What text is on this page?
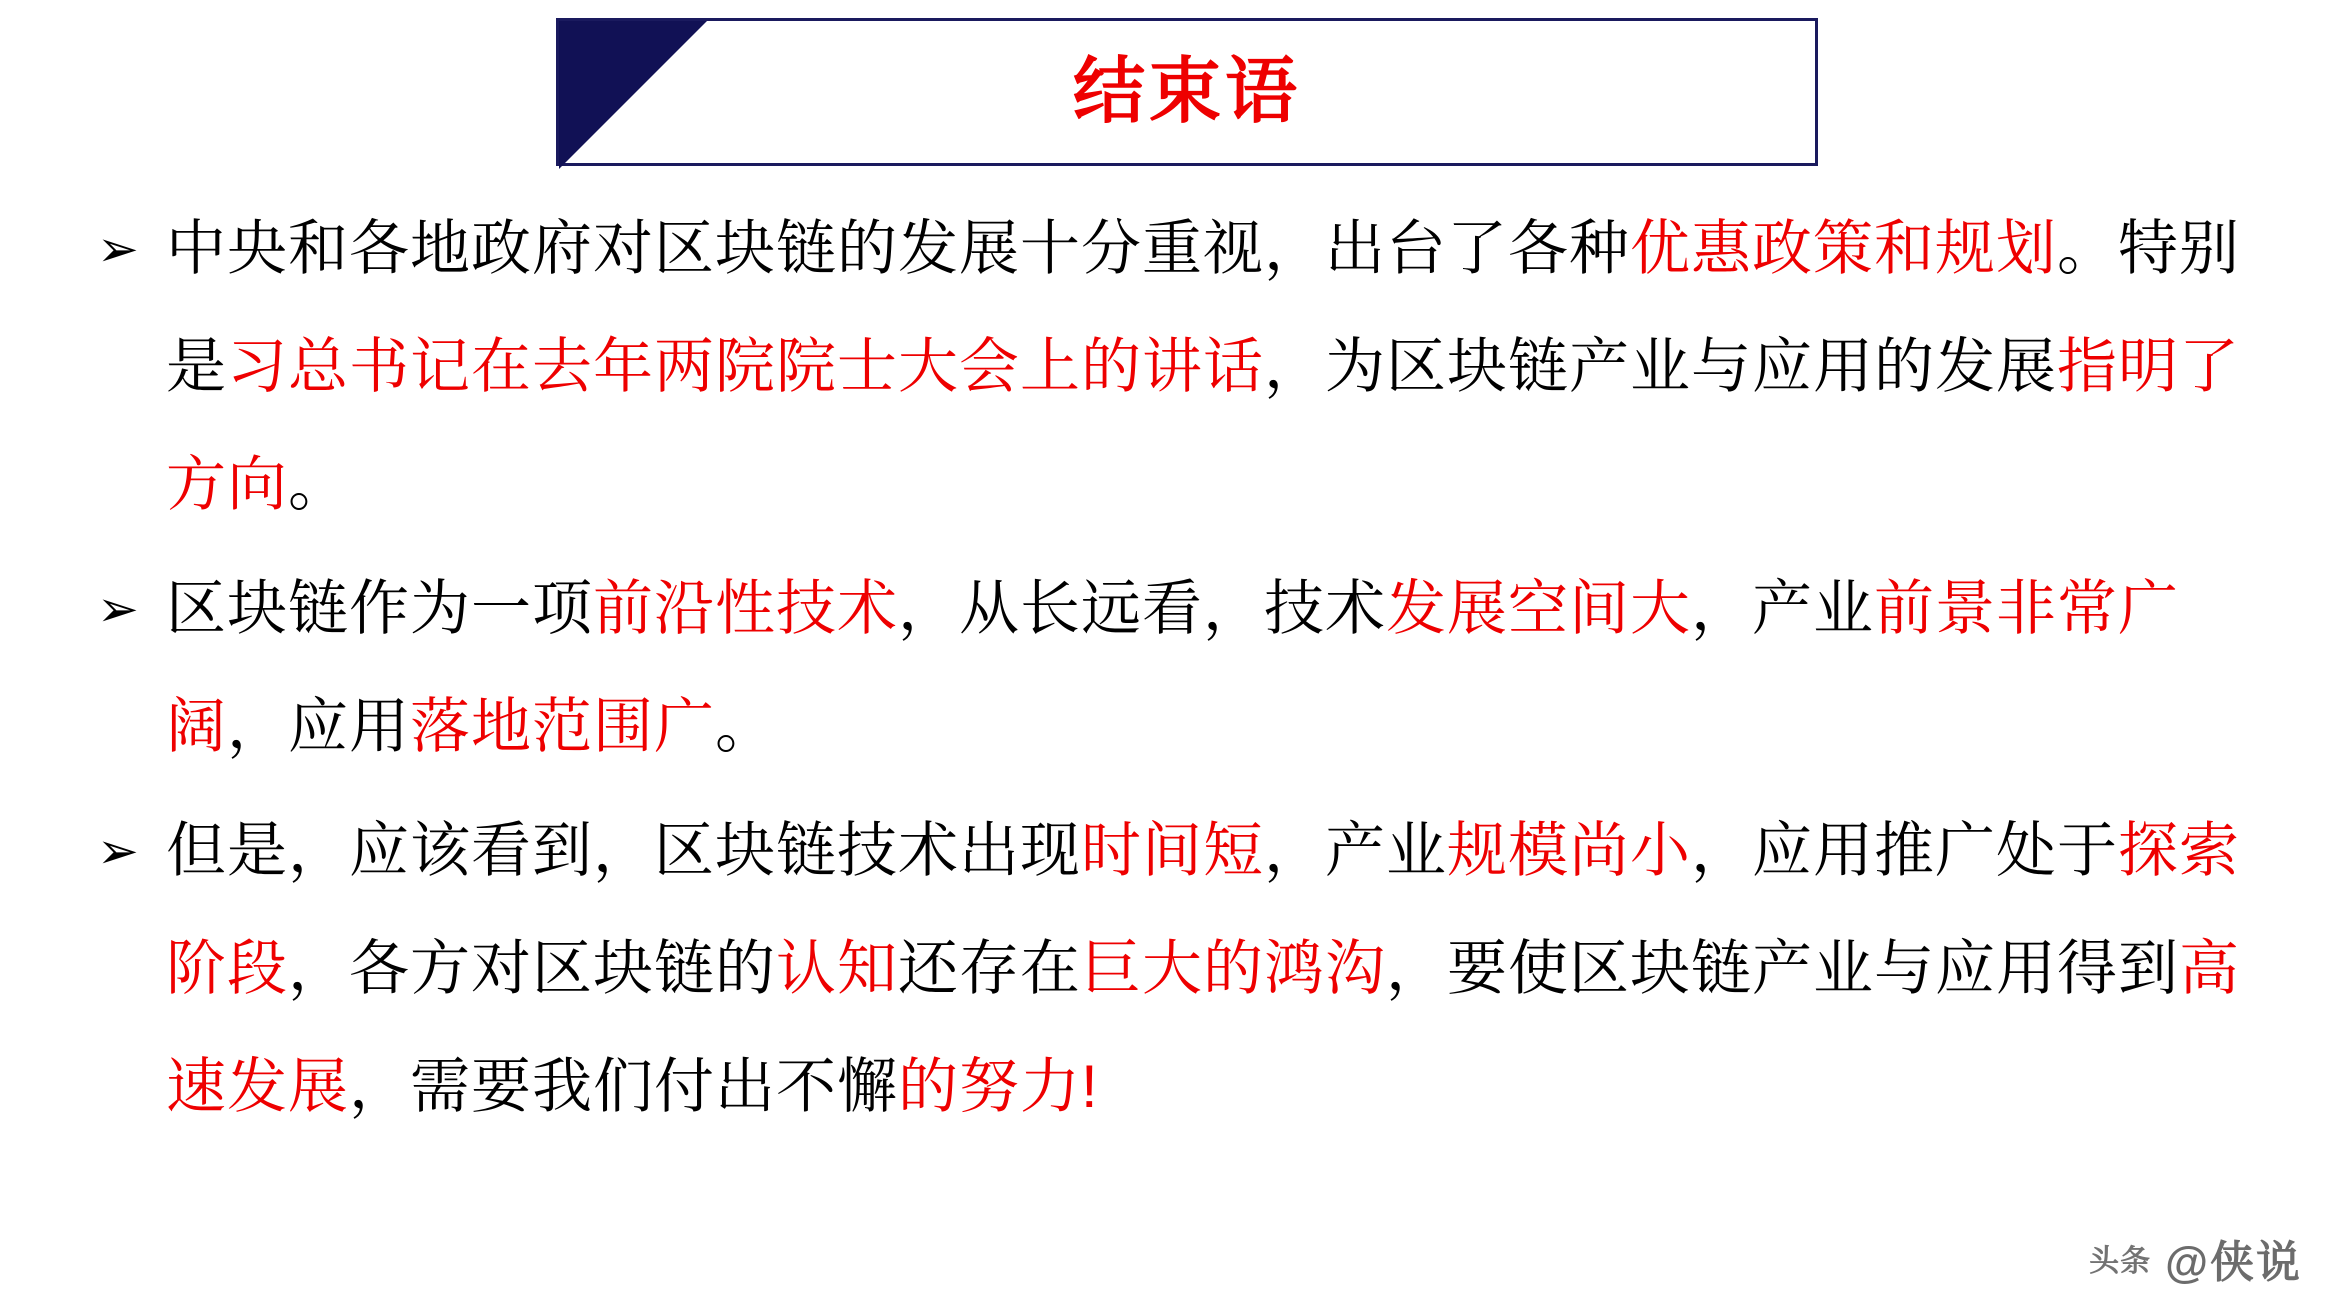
结束语
➢ 中央和各地政府对区块链的发展十分重视，出台了各种优惠政策和规划。特别是习总书记在去年两院院士大会上的讲话，为区块链产业与应用的发展指明了方向。
➢ 区块链作为一项前沿性技术，从长远看，技术发展空间大，产业前景非常广阔，应用落地范围广。
➢ 但是，应该看到，区块链技术出现时间短，产业规模尚小，应用推广处于探索阶段，各方对区块链的认知还存在巨大的鸿沟，要使区块链产业与应用得到高速发展，需要我们付出不懈的努力!
头条 @侠说
